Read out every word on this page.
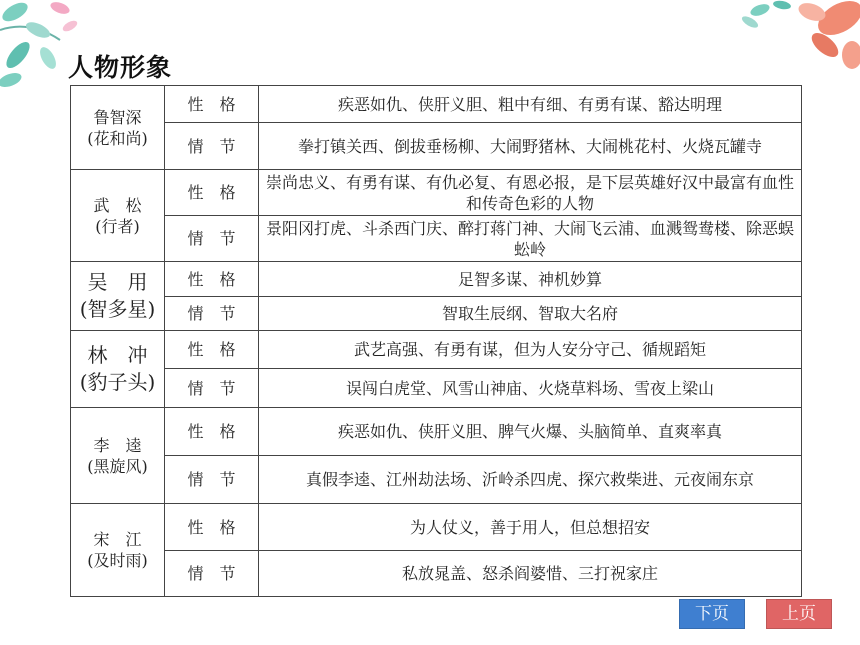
人物形象
鲁智深
(花和尚)	性　格	疾恶如仇、侠肝义胆、粗中有细、有勇有谋、豁达明理
	情　节	拳打镇关西、倒拔垂杨柳、大闹野猪林、大闹桃花村、火烧瓦罐寺

武　松
(行者)	性　格	崇尚忠义、有勇有谋、有仇必复、有恩必报，是下层英雄好汉中最富有血性和传奇色彩的人物
	情　节	景阳冈打虎、斗杀西门庆、醉打蒋门神、大闹飞云浦、血溅鸳鸯楼、除恶蜈蚣岭

吴　用
(智多星)	性　格	足智多谋、神机妙算
	情　节	智取生辰纲、智取大名府

林　冲
(豹子头)	性　格	武艺高强、有勇有谋，但为人安分守己、循规蹈矩
	情　节	误闯白虎堂、风雪山神庙、火烧草料场、雪夜上梁山

李　逵
(黑旋风)	性　格	疾恶如仇、侠肝义胆、脾气火爆、头脑简单、直爽率真
	情　节	真假李逵、江州劫法场、沂岭杀四虎、探穴救柴进、元夜闹东京

宋　江
(及时雨)	性　格	为人仗义，善于用人，但总想招安
	情　节	私放晁盖、怒杀阎婆惜、三打祝家庄
下页	上页
